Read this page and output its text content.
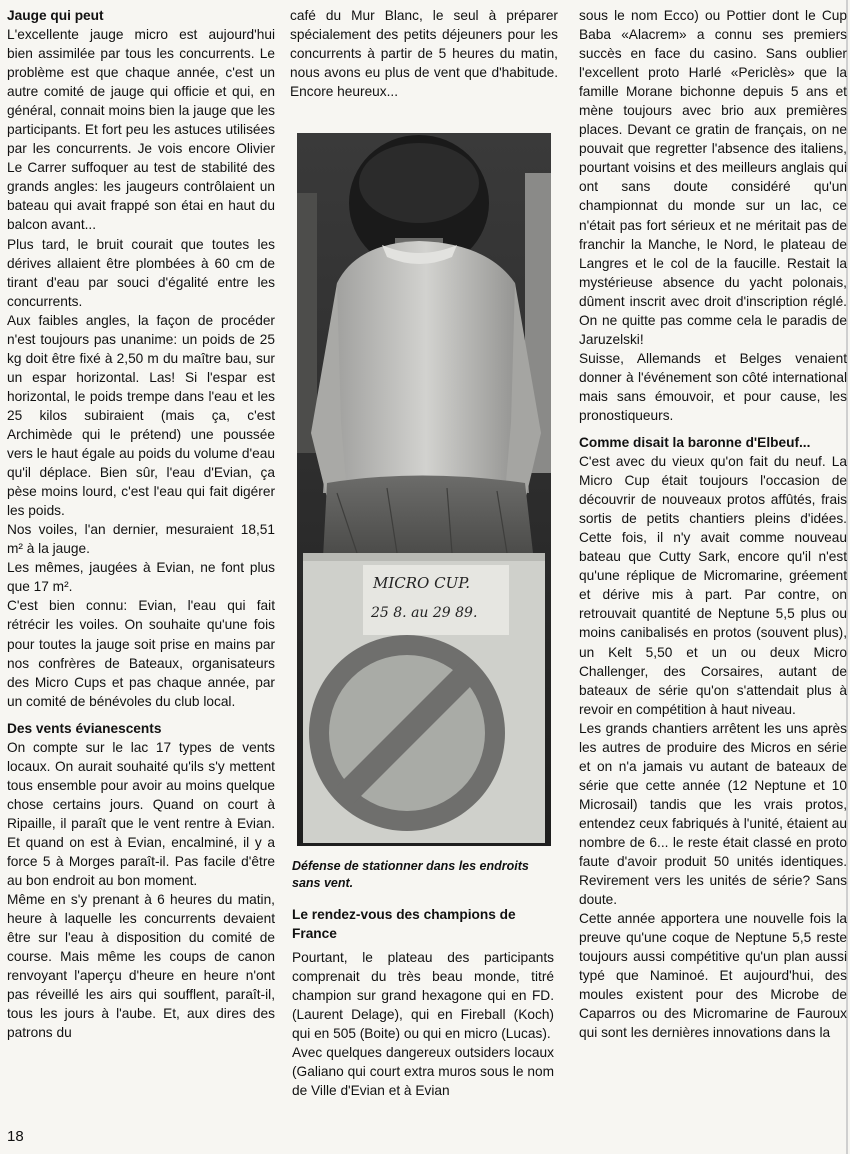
Jauge qui peut

L'excellente jauge micro est aujourd'hui bien assimilée par tous les concurrents. Le problème est que chaque année, c'est un autre comité de jauge qui officie et qui, en général, connait moins bien la jauge que les participants. Et fort peu les astuces utilisées par les concurrents. Je vois encore Olivier Le Carrer suffoquer au test de stabilité des grands angles: les jaugeurs contrôlaient un bateau qui avait frappé son étai en haut du balcon avant...

Plus tard, le bruit courait que toutes les dérives allaient être plombées à 60 cm de tirant d'eau par souci d'égalité entre les concurrents.

Aux faibles angles, la façon de procéder n'est toujours pas unanime: un poids de 25 kg doit être fixé à 2,50 m du maître bau, sur un espar horizontal. Las! Si l'espar est horizontal, le poids trempe dans l'eau et les 25 kilos subiraient (mais ça, c'est Archimède qui le prétend) une poussée vers le haut égale au poids du volume d'eau qu'il déplace. Bien sûr, l'eau d'Evian, ça pèse moins lourd, c'est l'eau qui fait digérer les poids.

Nos voiles, l'an dernier, mesuraient 18,51 m² à la jauge.

Les mêmes, jaugées à Evian, ne font plus que 17 m².

C'est bien connu: Evian, l'eau qui fait rétrécir les voiles. On souhaite qu'une fois pour toutes la jauge soit prise en mains par nos confrères de Bateaux, organisateurs des Micro Cups et pas chaque année, par un comité de bénévoles du club local.

Des vents évianescents

On compte sur le lac 17 types de vents locaux. On aurait souhaité qu'ils s'y mettent tous ensemble pour avoir au moins quelque chose certains jours. Quand on court à Ripaille, il paraît que le vent rentre à Evian. Et quand on est à Evian, encalminé, il y a force 5 à Morges paraît-il. Pas facile d'être au bon endroit au bon moment.

Même en s'y prenant à 6 heures du matin, heure à laquelle les concurrents devaient être sur l'eau à disposition du comité de course. Mais même les coups de canon renvoyant l'aperçu d'heure en heure n'ont pas réveillé les airs qui soufflent, paraît-il, tous les jours à l'aube. Et, aux dires des patrons du

café du Mur Blanc, le seul à préparer spécialement des petits déjeuners pour les concurrents à partir de 5 heures du matin, nous avons eu plus de vent que d'habitude. Encore heureux...

MICRO CUP.
25 8. au 29 89.
Défense de stationner dans les endroits sans vent.
Le rendez-vous des champions de France

Pourtant, le plateau des participants comprenait du très beau monde, titré champion sur grand hexagone qui en FD. (Laurent Delage), qui en Fireball (Koch) qui en 505 (Boite) ou qui en micro (Lucas).

Avec quelques dangereux outsiders locaux (Galiano qui court extra muros sous le nom de Ville d'Evian et à Evian

sous le nom Ecco) ou Pottier dont le Cup Baba «Alacrem» a connu ses premiers succès en face du casino. Sans oublier l'excellent proto Harlé «Periclès» que la famille Morane bichonne depuis 5 ans et mène toujours avec brio aux premières places. Devant ce gratin de français, on ne pouvait que regretter l'absence des italiens, pourtant voisins et des meilleurs anglais qui ont sans doute considéré qu'un championnat du monde sur un lac, ce n'était pas fort sérieux et ne méritait pas de franchir la Manche, le Nord, le plateau de Langres et le col de la faucille. Restait la mystérieuse absence du yacht polonais, dûment inscrit avec droit d'inscription réglé. On ne quitte pas comme cela le paradis de Jaruzelski!

Suisse, Allemands et Belges venaient donner à l'événement son côté international mais sans émouvoir, et pour cause, les pronostiqueurs.

Comme disait la baronne d'Elbeuf...

C'est avec du vieux qu'on fait du neuf. La Micro Cup était toujours l'occasion de découvrir de nouveaux protos affûtés, frais sortis de petits chantiers pleins d'idées. Cette fois, il n'y avait comme nouveau bateau que Cutty Sark, encore qu'il n'est qu'une réplique de Micromarine, gréement et dérive mis à part. Par contre, on retrouvait quantité de Neptune 5,5 plus ou moins canibalisés en protos (souvent plus), un Kelt 5,50 et un ou deux Micro Challenger, des Corsaires, autant de bateaux de série qu'on s'attendait plus à revoir en compétition à haut niveau.

Les grands chantiers arrêtent les uns après les autres de produire des Micros en série et on n'a jamais vu autant de bateaux de série que cette année (12 Neptune et 10 Microsail) tandis que les vrais protos, entendez ceux fabriqués à l'unité, étaient au nombre de 6... le reste était classé en proto faute d'avoir produit 50 unités identiques. Revirement vers les unités de série? Sans doute.

Cette année apportera une nouvelle fois la preuve qu'une coque de Neptune 5,5 reste toujours aussi compétitive qu'un plan aussi typé que Naminoé. Et aujourd'hui, des moules existent pour des Microbe de Caparros ou des Micromarine de Fauroux qui sont les dernières innovations dans la

18
